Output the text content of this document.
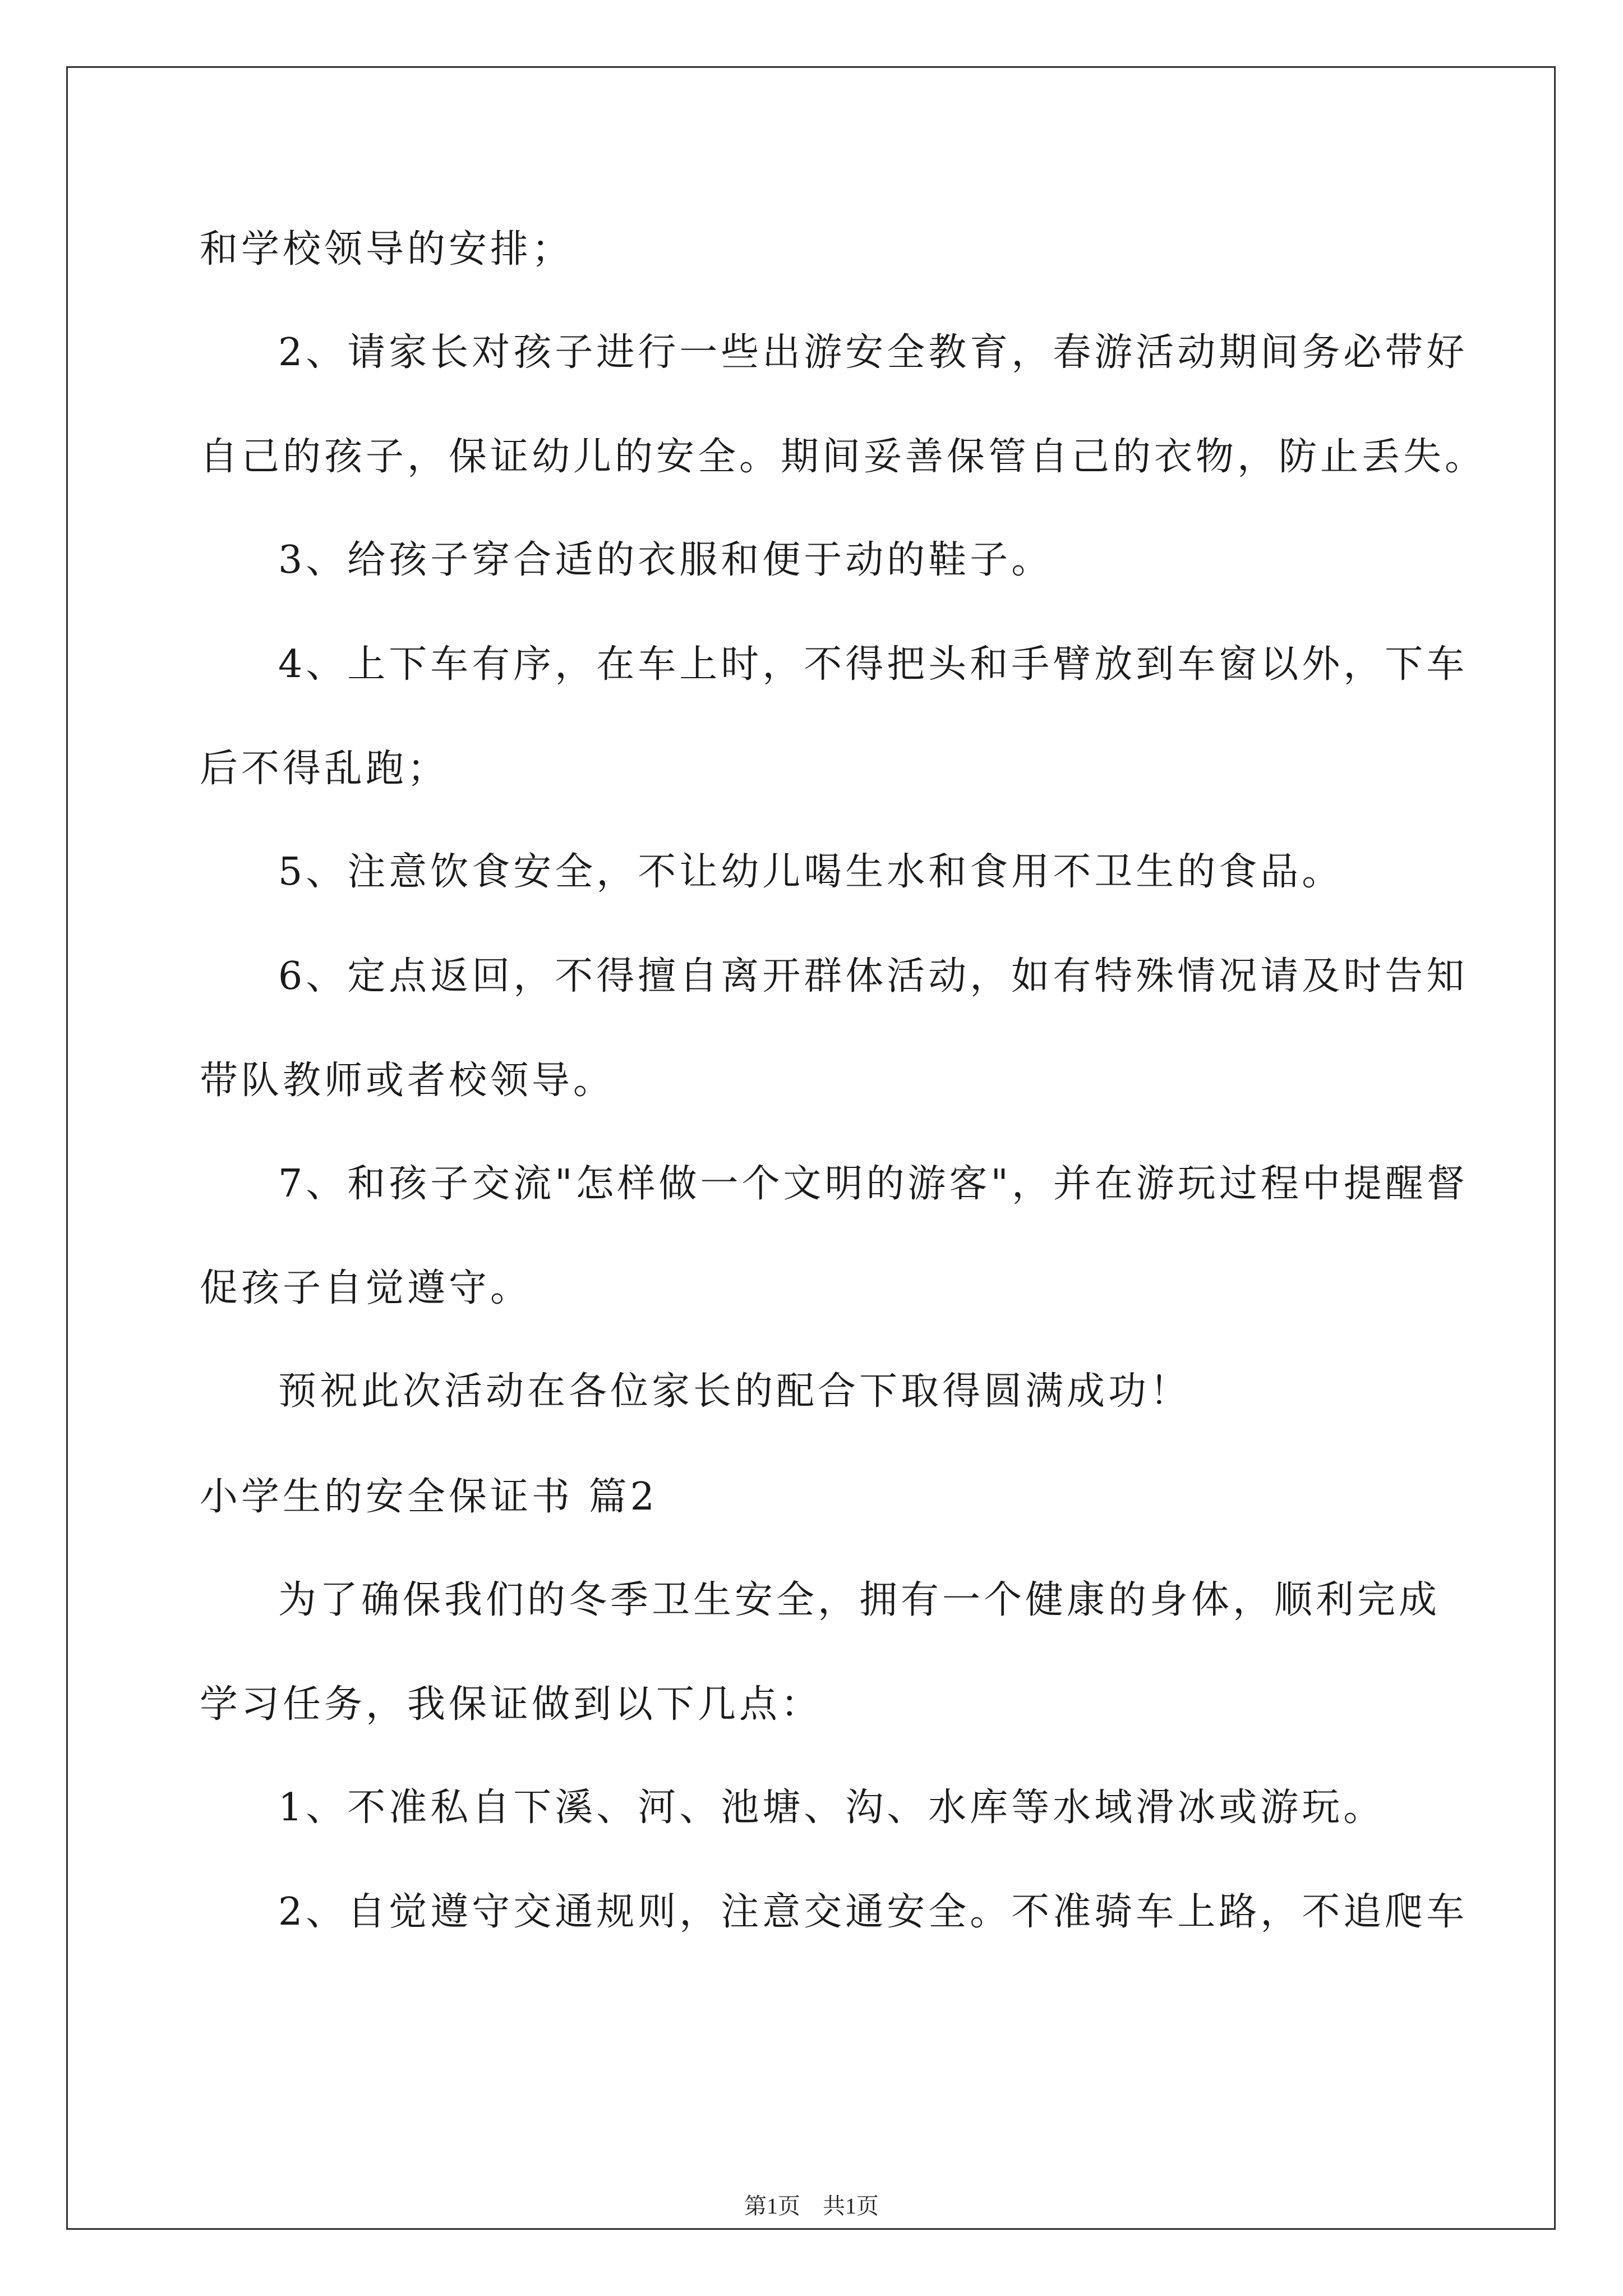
和学校领导的安排；
2、请家长对孩子进行一些出游安全教育，春游活动期间务必带好
自己的孩子，保证幼儿的安全。期间妥善保管自己的衣物，防止丢失。
3、给孩子穿合适的衣服和便于动的鞋子。
4、上下车有序，在车上时，不得把头和手臂放到车窗以外，下车
后不得乱跑；
5、注意饮食安全，不让幼儿喝生水和食用不卫生的食品。
6、定点返回，不得擅自离开群体活动，如有特殊情况请及时告知
带队教师或者校领导。
7、和孩子交流"怎样做一个文明的游客"，并在游玩过程中提醒督
促孩子自觉遵守。
预祝此次活动在各位家长的配合下取得圆满成功！
小学生的安全保证书 篇2
为了确保我们的冬季卫生安全，拥有一个健康的身体，顺利完成
学习任务，我保证做到以下几点：
1、不准私自下溪、河、池塘、沟、水库等水域滑冰或游玩。
2、自觉遵守交通规则，注意交通安全。不准骑车上路，不追爬车
第1页　共1页
